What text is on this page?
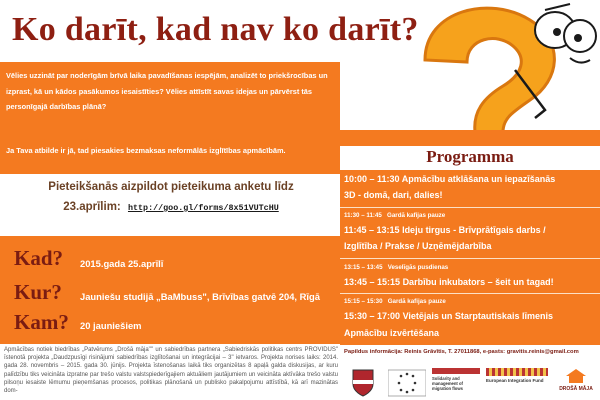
Ko darīt, kad nav ko darīt?
Vēlies uzzināt par noderīgām brīvā laika pavadīšanas iespējām, analizēt to priekšrocības un izprast, kā un kādos pasākumos iesaistīties? Vēlies attīstīt savas idejas un pārvērst tās personīgajā darbības plānā?
Ja Tava atbilde ir jā, tad piesakies bezmaksas neformālās izglītības apmācībām.
Pieteikšanās aizpildot pieteikuma anketu līdz
23.aprīlim: http://goo.gl/forms/8x51VUTcHU
Kad? 2015.gada 25.aprīlī
Kur? Jauniešu studijā „BaMbuss", Brīvības gatvē 204, Rīgā
Kam? 20 jauniešiem
Apmācības notiek biedrības „Patvērums „Drošā māja"" un sabiedrības partnera „Sabiedriskās politikas centrs PROVIDUS" īstenotā projekta „Daudzpusīgi risinājumi sabiedrības izglītošanai un integrācijai – 3" ietvaros. Projekta norises laiks: 2014. gada 28. novembris – 2015. gada 30. jūnijs. Projekta īstenošanas laikā tiks organizētas 8 apaļā galda diskusijas, ar kuru palīdzību tiks veicināta izpratne par trešo valstu valstspiederīgajiem aktuāliem jautājumiem un veicināta aktīvāka trešo valstu pilsoņu iesaiste lēmumu pieņemšanas procesos, politikas plānošanā un publisko pakalpojumu attīstībā, kā arī mazinātas dom-
Programma
10:00 – 11:30 Apmācību atklāšana un iepazīšanās
3D - domā, dari, dalies!
11:30 – 11:45 Gardā kafijas pauze
11:45 – 13:15 Ideju tirgus - Brīvprātīgais darbs /
Izglītība / Prakse / Uzņēmējdarbība
13:15 – 13:45 Veselīgās pusdienas
13:45 – 15:15 Darbību inkubators – šeit un tagad!
15:15 – 15:30 Gardā kafijas pauze
15:30 – 17:00 Vietējais un Starptautiskais līmenis
Apmācību izvērtēšana
Papildus informācija: Reinis Grāvītis, T. 27011868, e-pasts: gravitis.reinis@gmail.com
Solidarity and management of migration flows
European Integration Fund
DROŠĀ MĀJA
